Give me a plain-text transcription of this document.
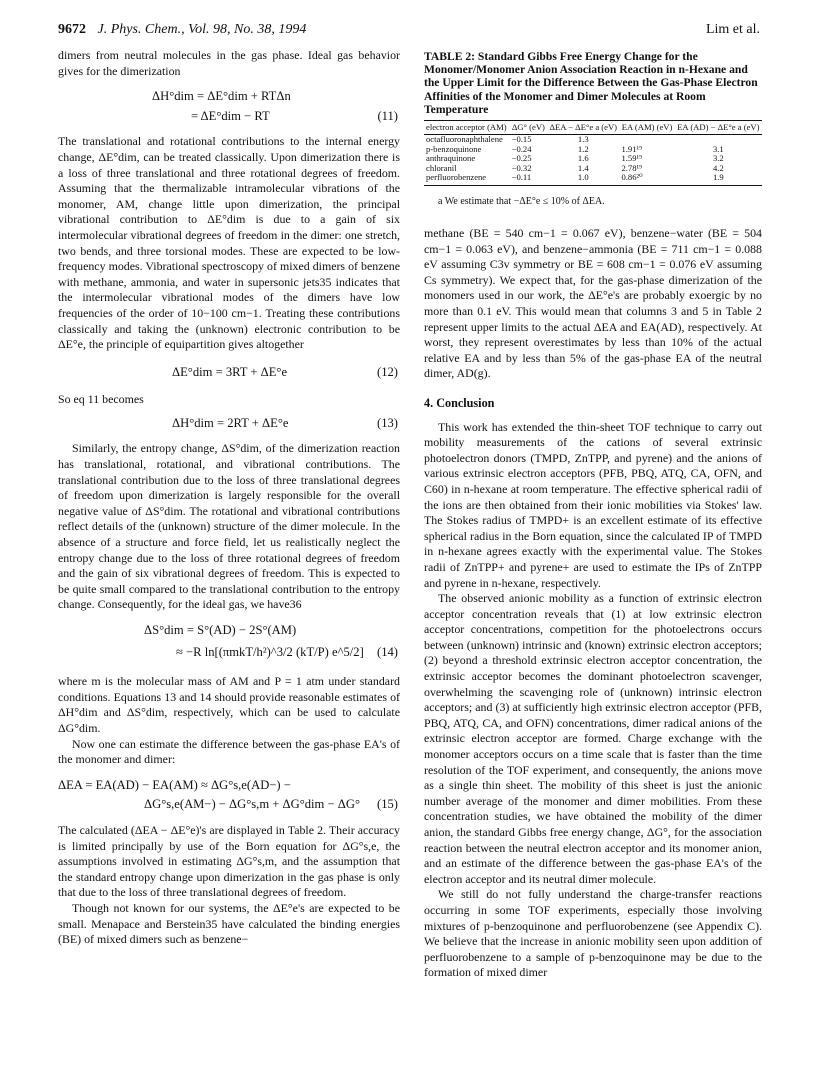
9672 J. Phys. Chem., Vol. 98, No. 38, 1994	Lim et al.

dimers from neutral molecules in the gas phase. Ideal gas behavior gives for the dimerization

ΔH°dim = ΔE°dim + RTΔn
= ΔE°dim − RT	(11)

The translational and rotational contributions to the internal energy change, ΔE°dim, can be treated classically. Upon dimerization there is a loss of three translational and three rotational degrees of freedom. Assuming that the thermalizable intramolecular vibrations of the monomer, AM, change little upon dimerization, the principal vibrational contribution to ΔE°dim is due to a gain of six intermolecular vibrational degrees of freedom in the dimer: one stretch, two bends, and three torsional modes. These are expected to be low-frequency modes. Vibrational spectroscopy of mixed dimers of benzene with methane, ammonia, and water in supersonic jets35 indicates that the intermolecular vibrational modes of the dimers have low frequencies of the order of 10−100 cm−1. Treating these contributions classically and taking the (unknown) electronic contribution to be ΔE°e, the principle of equipartition gives altogether

ΔE°dim = 3RT + ΔE°e	(12)

So eq 11 becomes

ΔH°dim = 2RT + ΔE°e	(13)

Similarly, the entropy change, ΔS°dim, of the dimerization reaction has translational, rotational, and vibrational contributions. The translational contribution due to the loss of three translational degrees of freedom upon dimerization is largely responsible for the overall negative value of ΔS°dim. The rotational and vibrational contributions reflect details of the (unknown) structure of the dimer molecule. In the absence of a structure and force field, let us realistically neglect the entropy change due to the loss of three rotational degrees of freedom and the gain of six vibrational degrees of freedom. This is expected to be quite small compared to the translational contribution to the entropy change. Consequently, for the ideal gas, we have36

ΔS°dim = S°(AD) − 2S°(AM)
≈ −R ln[(πmkT/h²)^3/2 (kT/P) e^5/2] (14)

where m is the molecular mass of AM and P = 1 atm under standard conditions. Equations 13 and 14 should provide reasonable estimates of ΔH°dim and ΔS°dim, respectively, which can be used to calculate ΔG°dim.

Now one can estimate the difference between the gas-phase EA's of the monomer and dimer:

ΔEA = EA(AD) − EA(AM) ≈ ΔG°s,e(AD−) −
ΔG°s,e(AM−) − ΔG°s,m + ΔG°dim − ΔG° (15)

The calculated (ΔEA − ΔE°e)'s are displayed in Table 2. Their accuracy is limited principally by use of the Born equation for ΔG°s,e, the assumptions involved in estimating ΔG°s,m, and the assumption that the standard entropy change upon dimerization in the gas phase is only that due to the loss of three translational degrees of freedom.

Though not known for our systems, the ΔE°e's are expected to be small. Menapace and Berstein35 have calculated the binding energies (BE) of mixed dimers such as benzene−

TABLE 2: Standard Gibbs Free Energy Change for the Monomer/Monomer Anion Association Reaction in n-Hexane and the Upper Limit for the Difference Between the Gas-Phase Electron Affinities of the Monomer and Dimer Molecules at Room Temperature

electron acceptor (AM)	ΔG° (eV)	ΔEA − ΔE°e a (eV)	EA (AM) (eV)	EA (AD) − ΔE°e a (eV)
octafluoronaphthalene	−0.15	1.3		
p-benzoquinone	−0.24	1.2	1.91¹⁹	3.1
anthraquinone	−0.25	1.6	1.59¹⁹	3.2
chloranil	−0.32	1.4	2.78¹⁹	4.2
perfluorobenzene	−0.11	1.0	0.86²⁰	1.9
a We estimate that −ΔE°e ≤ 10% of ΔEA.

methane (BE = 540 cm−1 = 0.067 eV), benzene−water (BE = 504 cm−1 = 0.063 eV), and benzene−ammonia (BE = 711 cm−1 = 0.088 eV assuming C3v symmetry or BE = 608 cm−1 = 0.076 eV assuming Cs symmetry). We expect that, for the gas-phase dimerization of the monomers used in our work, the ΔE°e's are probably exoergic by no more than 0.1 eV. This would mean that columns 3 and 5 in Table 2 represent upper limits to the actual ΔEA and EA(AD), respectively. At worst, they represent overestimates by less than 10% of the actual relative EA and by less than 5% of the gas-phase EA of the neutral dimer, AD(g).

4. Conclusion

This work has extended the thin-sheet TOF technique to carry out mobility measurements of the cations of several extrinsic photoelectron donors (TMPD, ZnTPP, and pyrene) and the anions of various extrinsic electron acceptors (PFB, PBQ, ATQ, CA, OFN, and C60) in n-hexane at room temperature. The effective spherical radii of the ions are then obtained from their ionic mobilities via Stokes' law. The Stokes radius of TMPD+ is an excellent estimate of its effective spherical radius in the Born equation, since the calculated IP of TMPD in n-hexane agrees exactly with the experimental value. The Stokes radii of ZnTPP+ and pyrene+ are used to estimate the IPs of ZnTPP and pyrene in n-hexane, respectively.

The observed anionic mobility as a function of extrinsic electron acceptor concentration reveals that (1) at low extrinsic electron acceptor concentrations, competition for the photoelectrons occurs between (unknown) intrinsic and (known) extrinsic electron acceptors; (2) beyond a threshold extrinsic electron acceptor concentration, the extrinsic acceptor becomes the dominant photoelectron scavenger, overwhelming the scavenging role of (unknown) intrinsic electron acceptors; and (3) at sufficiently high extrinsic electron acceptor (PFB, PBQ, ATQ, CA, and OFN) concentrations, dimer radical anions of the extrinsic electron acceptor are formed. Charge exchange with the monomer acceptors occurs on a time scale that is faster than the time resolution of the TOF experiment, and consequently, the anions move as a single thin sheet. The mobility of this sheet is just the anionic number average of the monomer and dimer mobilities. From these concentration studies, we have obtained the mobility of the dimer anion, the standard Gibbs free energy change, ΔG°, for the association reaction between the neutral electron acceptor and its monomer anion, and an estimate of the difference between the gas-phase EA's of the electron acceptor and its neutral dimer molecule.

We still do not fully understand the charge-transfer reactions occurring in some TOF experiments, especially those involving mixtures of p-benzoquinone and perfluorobenzene (see Appendix C). We believe that the increase in anionic mobility seen upon addition of perfluorobenzene to a sample of p-benzoquinone may be due to the formation of mixed dimer
